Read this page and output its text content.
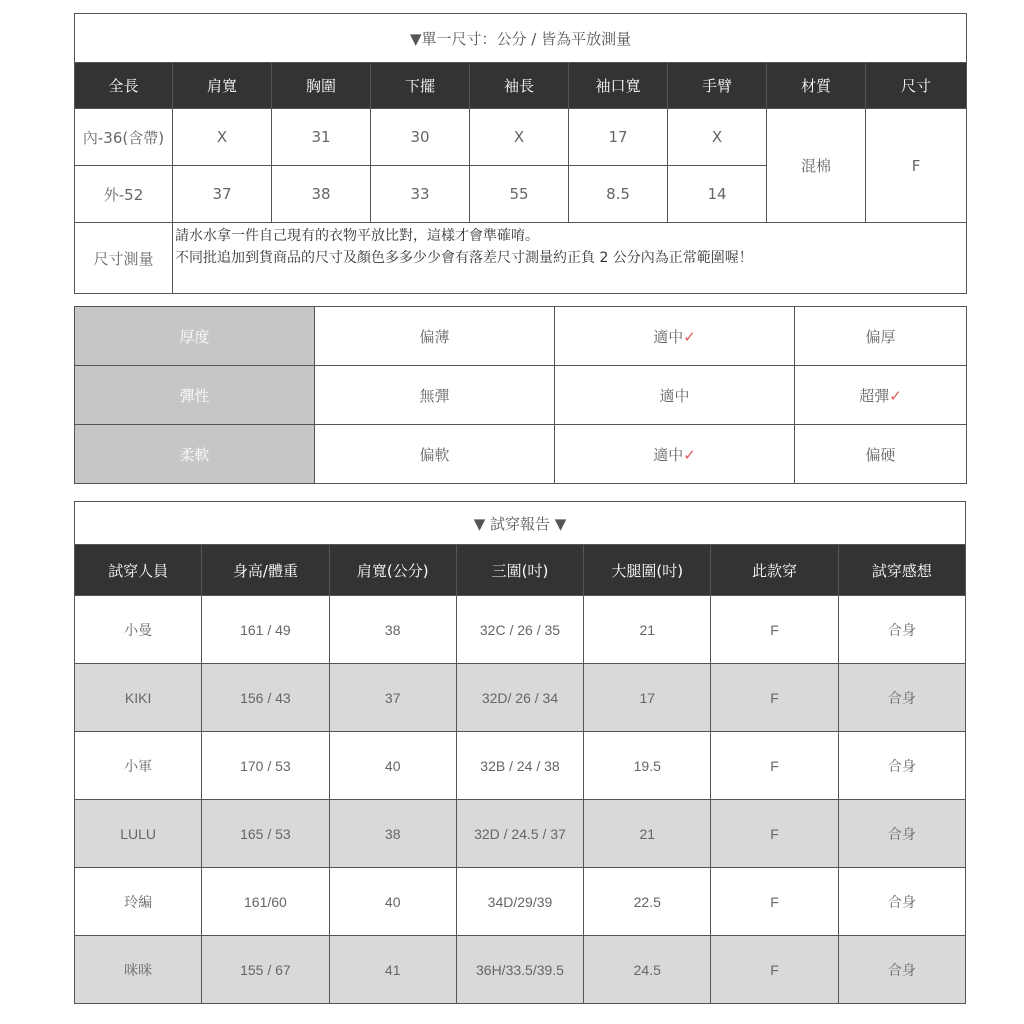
▼單一尺寸：公分 / 皆為平放測量								
全長	肩寬	胸圍	下擺	袖長	袖口寬	手臂	材質	尺寸
內-36(含帶)	X	31	30	X	17	X	混棉	F
外-52	37	38	33	55	8.5	14		
尺寸測量	請水水拿一件自己現有的衣物平放比對，這樣才會準確唷。
不同批追加到貨商品的尺寸及顏色多多少少會有落差尺寸測量約正負 2 公分內為正常範圍喔！							
厚度	偏薄	適中✓	偏厚
彈性	無彈	適中	超彈✓
柔軟	偏軟	適中✓	偏硬
▼ 試穿報告 ▼						
試穿人員	身高/體重	肩寬(公分)	三圍(吋)	大腿圍(吋)	此款穿	試穿感想
小曼	161 / 49	38	32C / 26 / 35	21	F	合身
KIKI	156 / 43	37	32D/ 26 / 34	17	F	合身
小軍	170 / 53	40	32B / 24 / 38	19.5	F	合身
LULU	165 / 53	38	32D / 24.5 / 37	21	F	合身
玲編	161/60	40	34D/29/39	22.5	F	合身
咪咪	155 / 67	41	36H/33.5/39.5	24.5	F	合身
